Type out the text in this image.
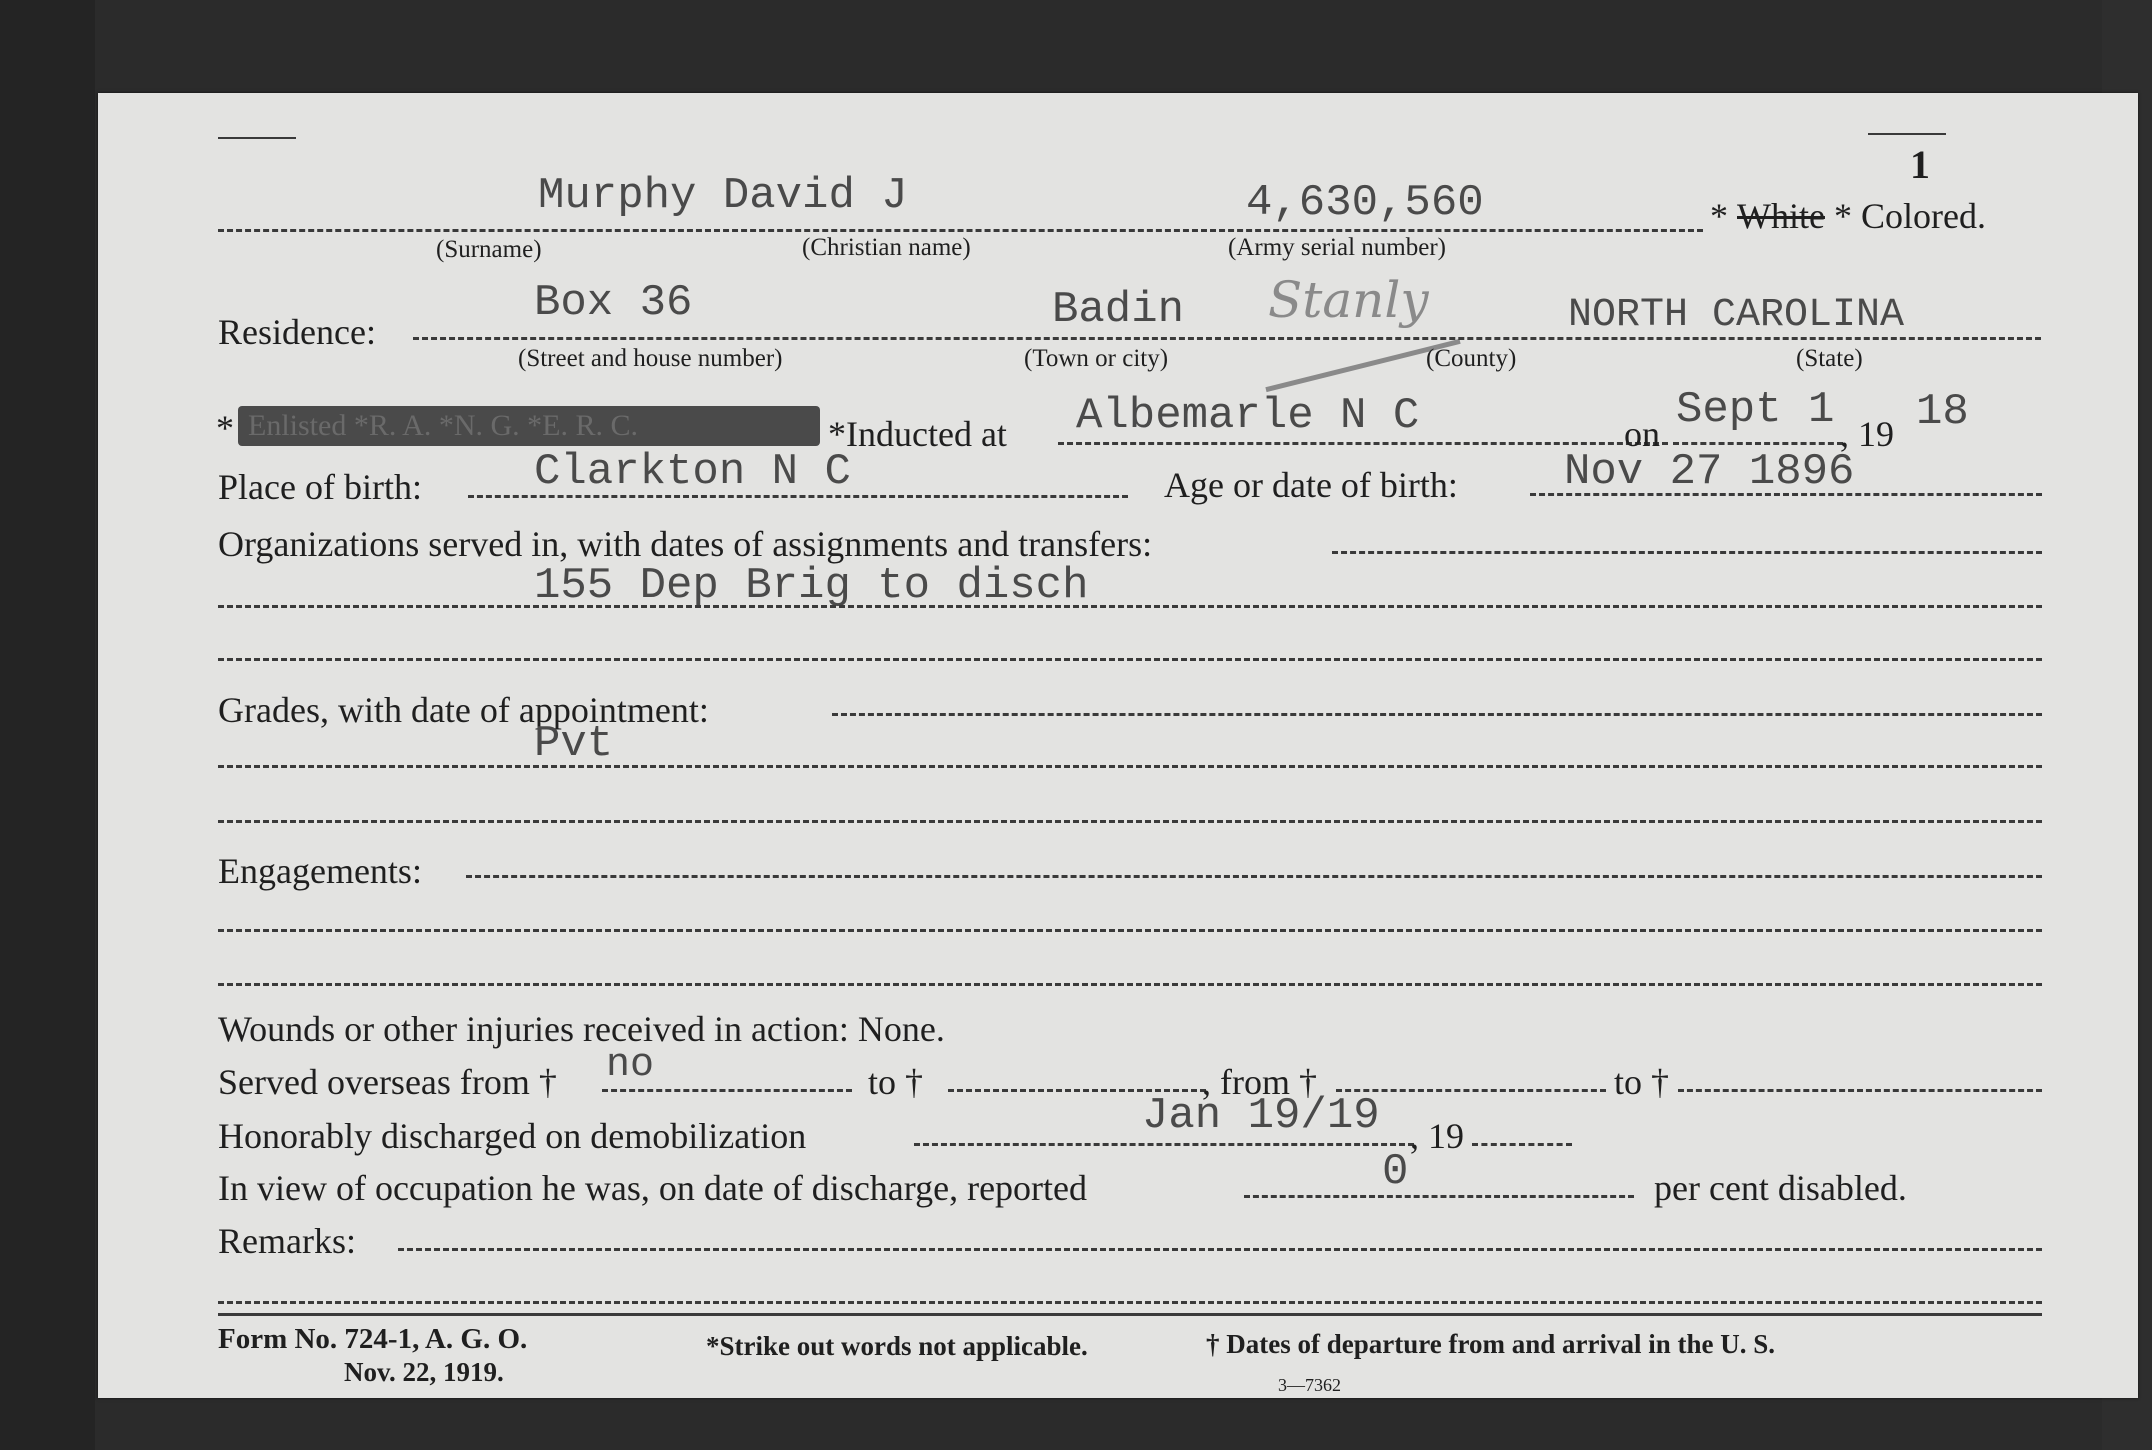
1
Murphy David J	4,630,560	* White * Colored.
(Surname)	(Christian name)	(Army serial number)
Residence:
Box 36	Badin Stanly	NORTH CAROLINA
(Street and house number)	(Town or city)	(County)	(State)
* Enlisted *R. A. *N. G. *E. R. C.	*Inducted at Albemarle N C	on Sept 1 , 19 18
Place of birth:	Clarkton N C	Age or date of birth: Nov 27 1896
Organizations served in, with dates of assignments and transfers:
155 Dep Brig to disch
Grades, with date of appointment:
Pvt
Engagements:
Wounds or other injuries received in action: None.
Served overseas from † no	to †	, from †	to †
Honorably discharged on demobilization	Jan 19/19 , 19
In view of occupation he was, on date of discharge, reported	0	per cent disabled.
Remarks:
Form No. 724-1, A. G. O.
Nov. 22, 1919.
*Strike out words not applicable.	† Dates of departure from and arrival in the U. S.
3—7362
